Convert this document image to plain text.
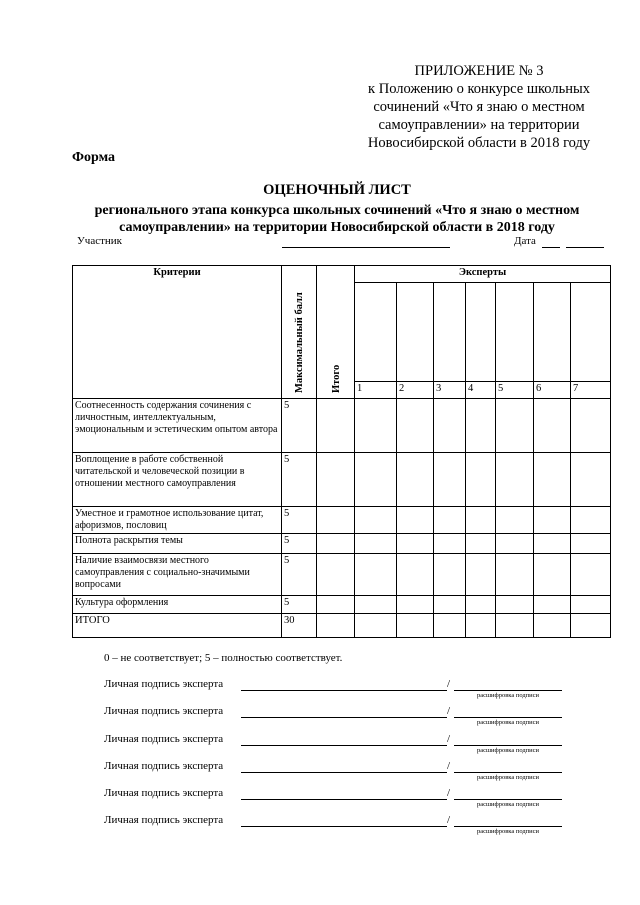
ПРИЛОЖЕНИЕ № 3
к Положению о конкурсе школьных
сочинений «Что я знаю о местном
самоуправлении» на территории
Новосибирской области в 2018 году
Форма
ОЦЕНОЧНЫЙ ЛИСТ
регионального этапа конкурса школьных сочинений «Что я знаю о местном
самоуправлении» на территории Новосибирской области в 2018 году
Участник	Дата
Критерии	Максимальный балл	Итого	Эксперты						

			1	2	3	4	5	6	7
Соотнесенность содержания сочинения с личностным, интеллектуальным, эмоциональным и эстетическим опытом автора	5								
Воплощение в работе собственной читательской и человеческой позиции в отношении местного самоуправления	5								
Уместное и грамотное использование цитат, афоризмов, пословиц	5								
Полнота раскрытия темы	5								
Наличие взаимосвязи местного самоуправления с социально-значимыми вопросами	5								
Культура оформления	5								
ИТОГО	30								
0 – не соответствует; 5 – полностью соответствует.
Личная подпись эксперта	/
расшифровка подписи
Личная подпись эксперта	/
расшифровка подписи
Личная подпись эксперта	/
расшифровка подписи
Личная подпись эксперта	/
расшифровка подписи
Личная подпись эксперта	/
расшифровка подписи
Личная подпись эксперта	/
расшифровка подписи
